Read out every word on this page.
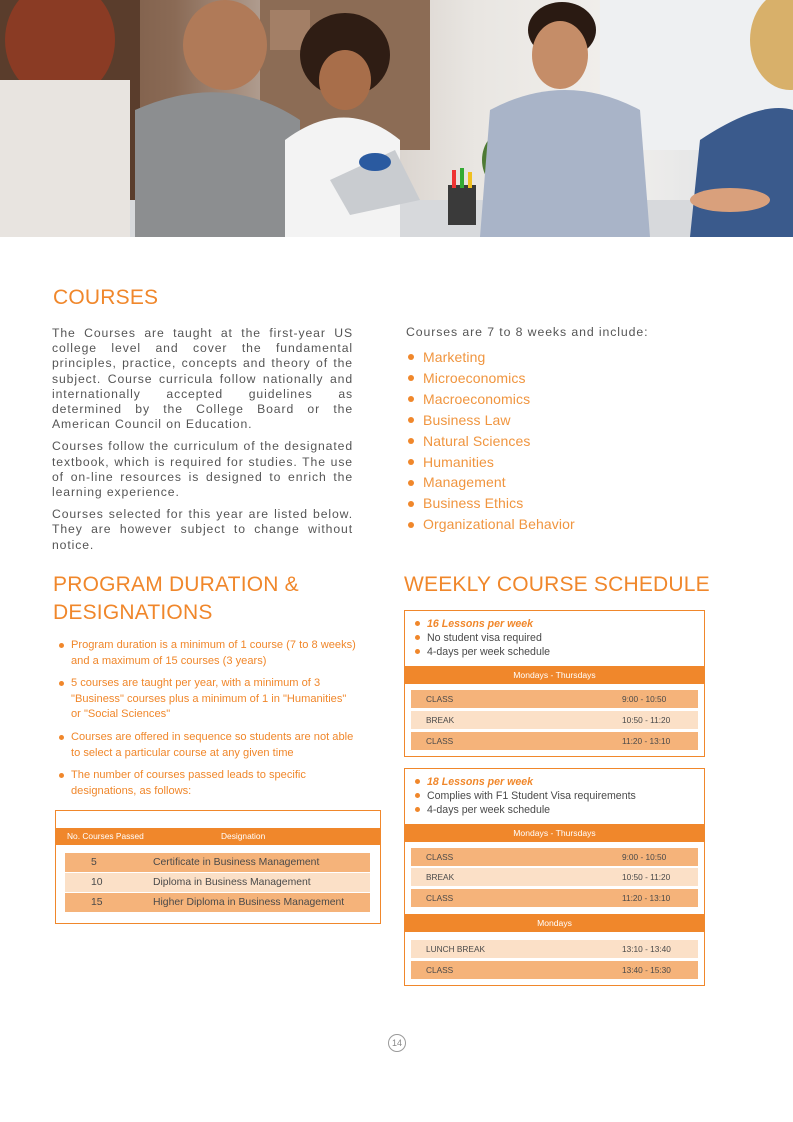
COURSES

The Courses are taught at the first-year US college level and cover the fundamental principles, practice, concepts and theory of the subject. Course curricula follow nationally and internationally accepted guidelines as determined by the College Board or the American Council on Education.

Courses follow the curriculum of the designated textbook, which is required for studies. The use of on-line resources is designed to enrich the learning experience.

Courses selected for this year are listed below. They are however subject to change without notice.

Courses are 7 to 8 weeks and include:
Marketing
Microeconomics
Macroeconomics
Business Law
Natural Sciences
Humanities
Management
Business Ethics
Organizational Behavior
PROGRAM DURATION &
DESIGNATIONS
Program duration is a minimum of 1 course (7 to 8 weeks) and a maximum of 15 courses (3 years)
5 courses are taught per year, with a minimum of 3 "Business" courses plus a minimum of 1 in "Humanities" or "Social Sciences"
Courses are offered in sequence so students are not able to select a particular course at any given time
The number of courses passed leads to specific designations, as follows:
No. Courses Passed	Designation
5	Certificate in Business Management
10	Diploma in Business Management
15	Higher Diploma in Business Management
WEEKLY COURSE SCHEDULE
16 Lessons per week
No student visa required
4-days per week schedule
Mondays - Thursdays
CLASS	9:00 - 10:50
BREAK	10:50 - 11:20
CLASS	11:20 - 13:10
18 Lessons per week
Complies with F1 Student Visa requirements
4-days per week schedule
Mondays - Thursdays
CLASS	9:00 - 10:50
BREAK	10:50 - 11:20
CLASS	11:20 - 13:10
Mondays
LUNCH BREAK	13:10 - 13:40
CLASS	13:40 - 15:30
14
